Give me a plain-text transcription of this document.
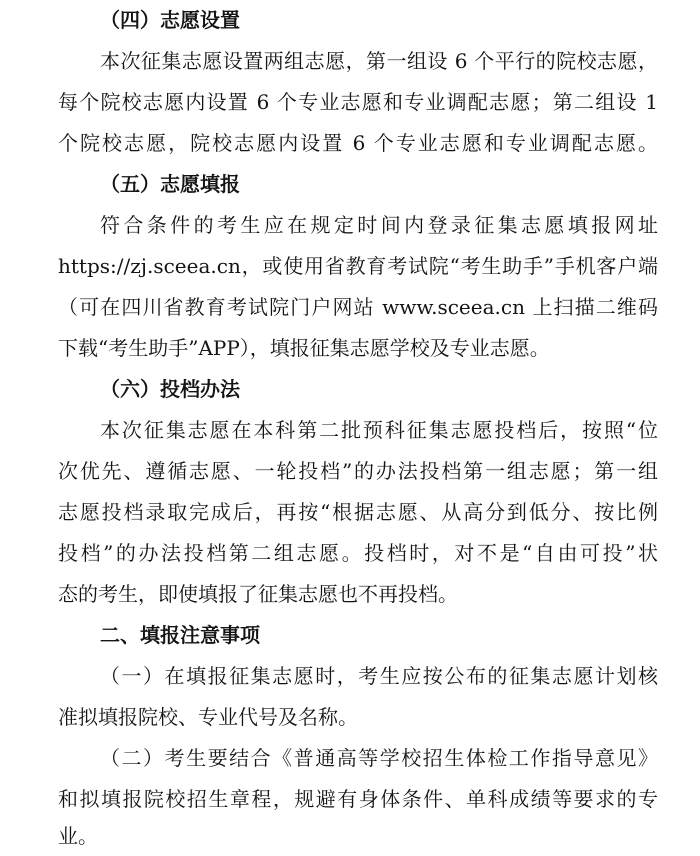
（四）志愿设置
本次征集志愿设置两组志愿，第一组设 6 个平行的院校志愿，
每个院校志愿内设置 6 个专业志愿和专业调配志愿；第二组设 1
个院校志愿，院校志愿内设置 6 个专业志愿和专业调配志愿。
（五）志愿填报
符合条件的考生应在规定时间内登录征集志愿填报网址
https://zj.sceea.cn，或使用省教育考试院“考生助手”手机客户端
（可在四川省教育考试院门户网站 www.sceea.cn 上扫描二维码
下载“考生助手”APP），填报征集志愿学校及专业志愿。
（六）投档办法
本次征集志愿在本科第二批预科征集志愿投档后，按照“位
次优先、遵循志愿、一轮投档”的办法投档第一组志愿；第一组
志愿投档录取完成后，再按“根据志愿、从高分到低分、按比例
投档”的办法投档第二组志愿。投档时，对不是“自由可投”状
态的考生，即使填报了征集志愿也不再投档。
二、填报注意事项
（一）在填报征集志愿时，考生应按公布的征集志愿计划核
准拟填报院校、专业代号及名称。
（二）考生要结合《普通高等学校招生体检工作指导意见》
和拟填报院校招生章程，规避有身体条件、单科成绩等要求的专
业。
